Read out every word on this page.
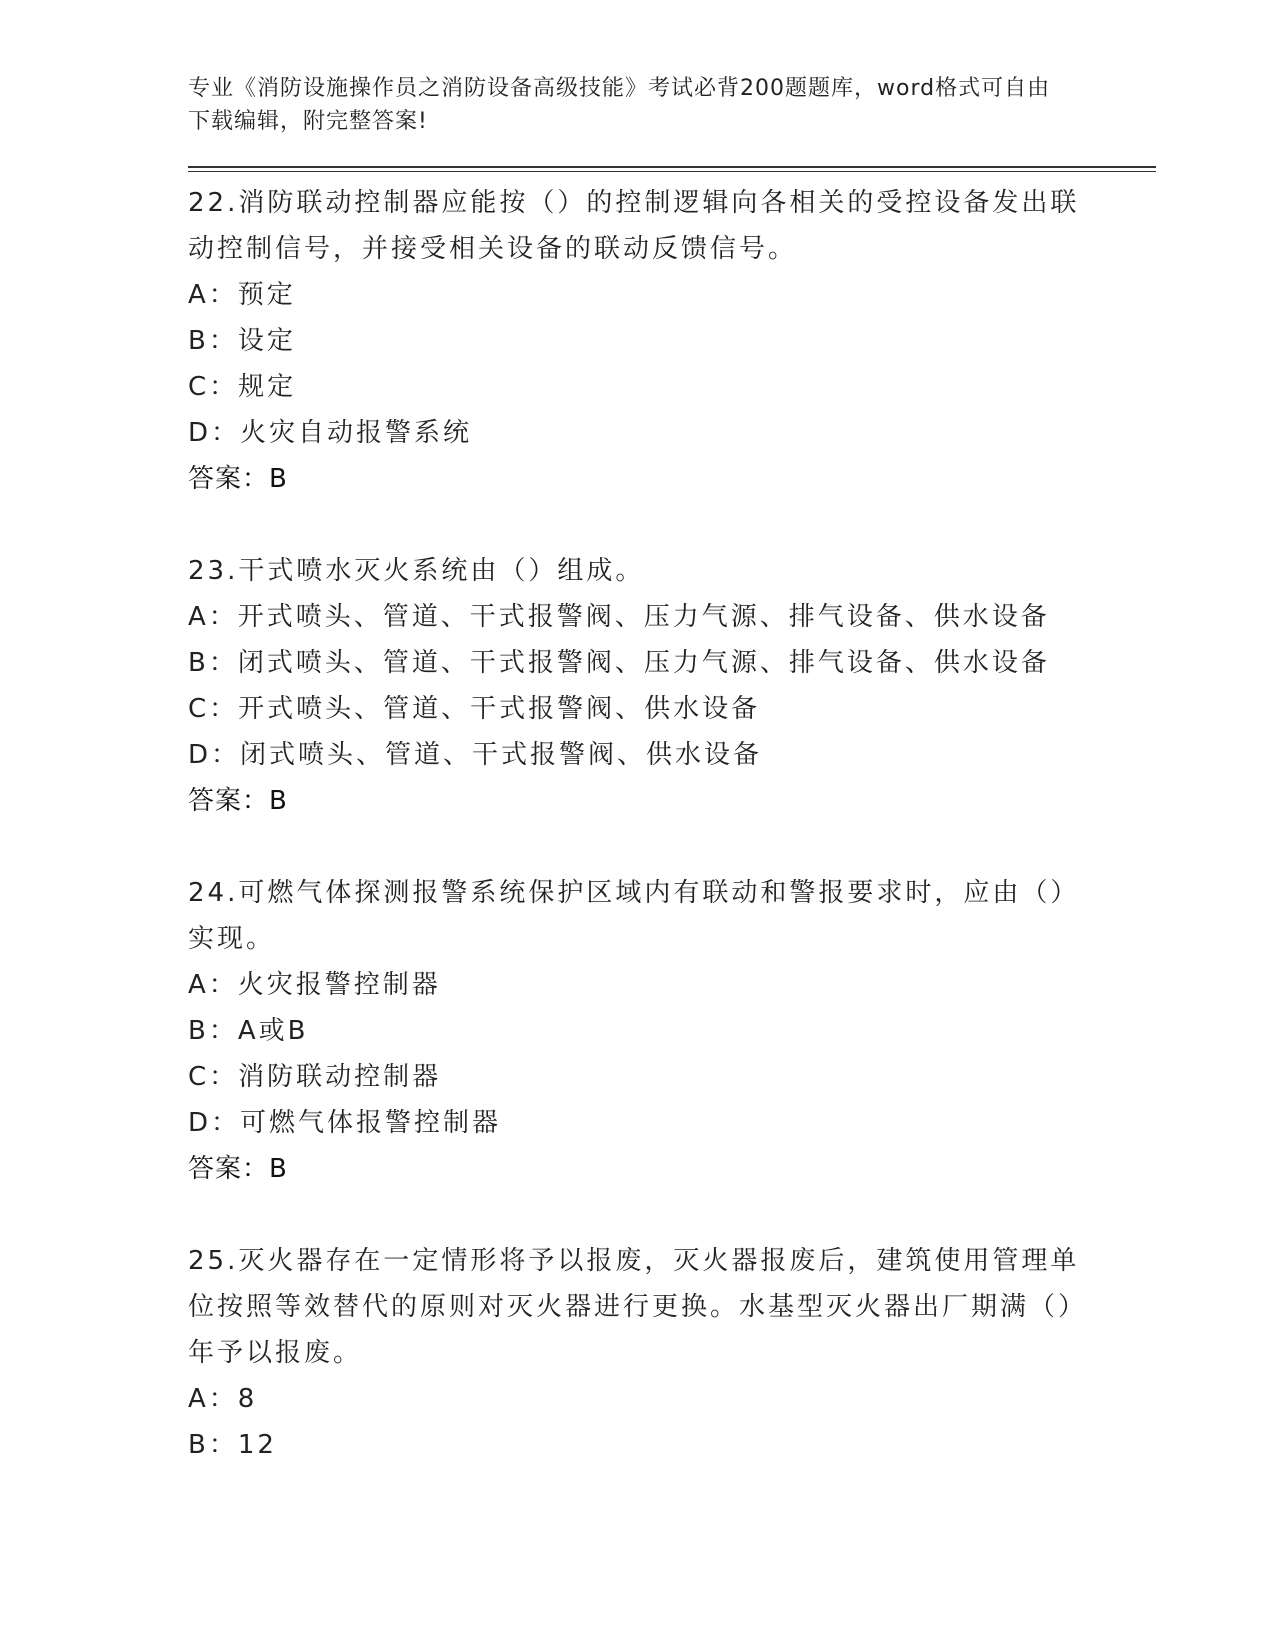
专业《消防设施操作员之消防设备高级技能》考试必背200题题库，word格式可自由下载编辑，附完整答案!

22.消防联动控制器应能按（）的控制逻辑向各相关的受控设备发出联动控制信号，并接受相关设备的联动反馈信号。

A：预定

B：设定

C：规定

D：火灾自动报警系统

答案：B

23.干式喷水灭火系统由（）组成。

A：开式喷头、管道、干式报警阀、压力气源、排气设备、供水设备

B：闭式喷头、管道、干式报警阀、压力气源、排气设备、供水设备

C：开式喷头、管道、干式报警阀、供水设备

D：闭式喷头、管道、干式报警阀、供水设备

答案：B

24.可燃气体探测报警系统保护区域内有联动和警报要求时，应由（）实现。

A：火灾报警控制器

B：A或B

C：消防联动控制器

D：可燃气体报警控制器

答案：B

25.灭火器存在一定情形将予以报废，灭火器报废后，建筑使用管理单位按照等效替代的原则对灭火器进行更换。水基型灭火器出厂期满（）年予以报废。

A：8

B：12
